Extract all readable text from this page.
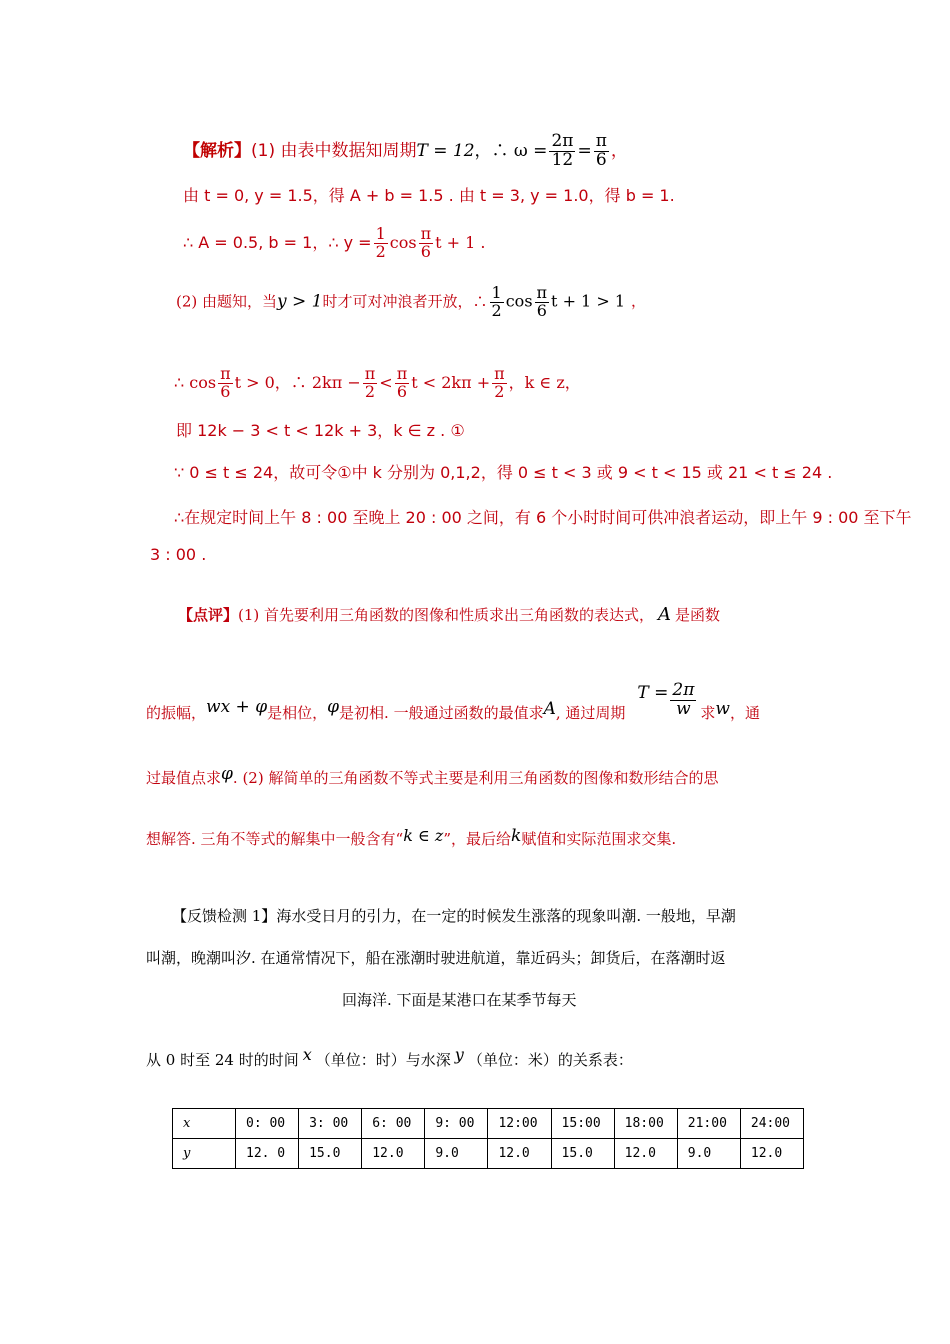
【解析】(1) 由表中数据知周期T = 12，∴ $\omega = \frac{2\pi}{12} = \frac{\pi}{6}$ ，
由 t = 0, y = 1.5，得 A + b = 1.5 . 由 t = 3, y = 1.0，得 b = 1.
∴ A = 0.5, b = 1，∴ $y = \frac{1}{2}$ $\cos \frac{\pi}{6}$ t + 1 .
(2) 由题知，当y > 1时才可对冲浪者开放，∴ $\frac{1}{2}$ $\cos \frac{\pi}{6}$ t + 1 > 1 ，
∴ $\cos \frac{\pi}{6}$ t > 0，∴ $2k\pi - \frac{\pi}{2} < \frac{\pi}{6}$ $t < 2k\pi + \frac{\pi}{2}$ ，k ∈ z，
即 12k − 3 < t < 12k + 3，k ∈ z . ①
∵ 0 ≤ t ≤ 24，故可令①中 k 分别为 0,1,2，得 0 ≤ t < 3 或 9 < t < 15 或 21 < t ≤ 24 .
∴在规定时间上午 8 : 00 至晚上 20 : 00 之间，有 6 个小时时间可供冲浪者运动，即上午 9 : 00 至下午
3 : 00 .
【点评】(1) 首先要利用三角函数的图像和性质求出三角函数的表达式， A 是函数
的振幅，wx + φ是相位，φ是初相. 一般通过函数的最值求A, 通过周期$T = \frac{2\pi}{w}$ 求w，通
过最值点求φ. (2) 解简单的三角函数不等式主要是利用三角函数的图像和数形结合的思
想解答. 三角不等式的解集中一般含有“k ∈ z”，最后给k赋值和实际范围求交集.
【反馈检测 1】海水受日月的引力，在一定的时候发生涨落的现象叫潮. 一般地，早潮
叫潮，晚潮叫汐. 在通常情况下，船在涨潮时驶进航道，靠近码头；卸货后，在落潮时返
回海洋. 下面是某港口在某季节每天
从 0 时至 24 时的时间 x （单位：时）与水深 y （单位：米）的关系表：
x	0: 00	3: 00	6: 00	9: 00	12:00	15:00	18:00	21:00	24:00
y	12. 0	15.0	12.0	9.0	12.0	15.0	12.0	9.0	12.0
